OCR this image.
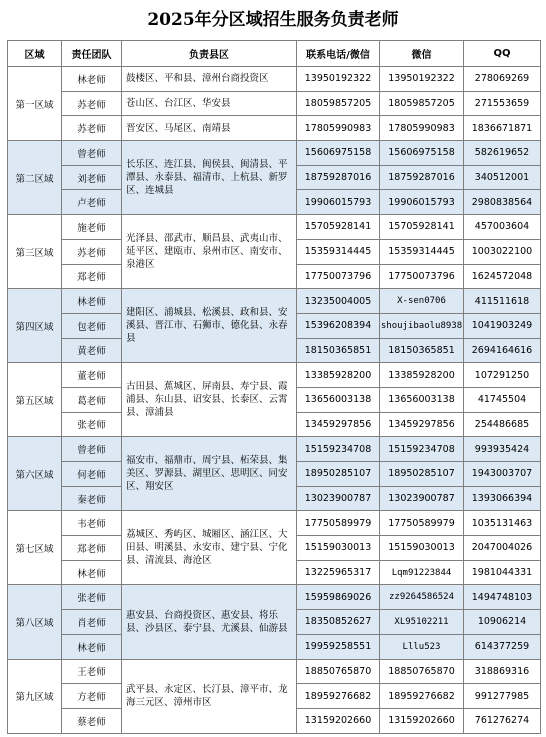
2025年分区域招生服务负责老师
区域	责任团队	负责县区	联系电话/微信	微信	QQ
第一区域	林老师	鼓楼区、平和县、漳州台商投资区	13950192322	13950192322	278069269
	苏老师	苍山区、台江区、华安县	18059857205	18059857205	271553659
	苏老师	晋安区、马尾区、南靖县	17805990983	17805990983	1836671871
第二区域	曾老师	长乐区、连江县、闽侯县、闽清县、平潭县、永泰县、福清市、上杭县、新罗区、连城县	15606975158	15606975158	582619652
	刘老师		18759287016	18759287016	340512001
	卢老师		19906015793	19906015793	2980838564
第三区域	施老师	光泽县、邵武市、顺昌县、武夷山市、延平区、建瓯市、泉州市区、南安市、泉港区	15705928141	15705928141	457003604
	苏老师		15359314445	15359314445	1003022100
	郑老师		17750073796	17750073796	1624572048
第四区域	林老师	建阳区、浦城县、松溪县、政和县、安溪县、晋江市、石狮市、德化县、永春县	13235004005	X-sen0706	411511618
	包老师		15396208394	shoujibaolu8938	1041903249
	黄老师		18150365851	18150365851	2694164616
第五区域	董老师	古田县、蕉城区、屏南县、寿宁县、霞浦县、东山县、诏安县、长泰区、云霄县、漳浦县	13385928200	13385928200	107291250
	葛老师		13656003138	13656003138	41745504
	张老师		13459297856	13459297856	254486685
第六区域	曾老师	福安市、福鼎市、周宁县、柘荣县、集美区、罗源县、湖里区、思明区、同安区、翔安区	15159234708	15159234708	993935424
	何老师		18950285107	18950285107	1943003707
	秦老师		13023900787	13023900787	1393066394
第七区域	韦老师	荔城区、秀屿区、城厢区、涵江区、大田县、明溪县、永安市、建宁县、宁化县、清流县、海沧区	17750589979	17750589979	1035131463
	郑老师		15159030013	15159030013	2047004026
	林老师		13225965317	Lqm91223844	1981044331
第八区域	张老师	惠安县、台商投资区、惠安县、将乐县、沙县区、泰宁县、尤溪县、仙游县	15959869026	zz9264586524	1494748103
	肖老师		18350852627	XL95102211	10906214
	林老师		19959258551	Lllu523	614377259
第九区域	王老师	武平县、永定区、长汀县、漳平市、龙海三元区、漳州市区	18850765870	18850765870	318869316
	方老师		18959276682	18959276682	991277985
	蔡老师		13159202660	13159202660	761276274
